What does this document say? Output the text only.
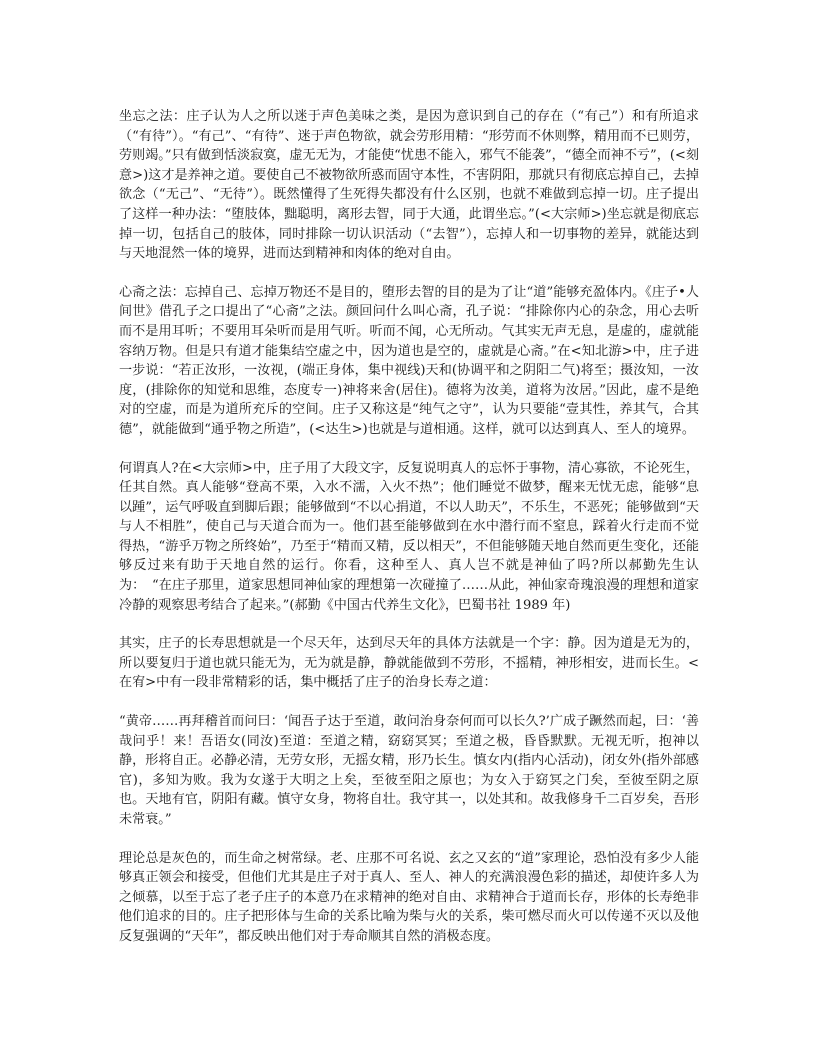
坐忘之法：庄子认为人之所以迷于声色美味之类，是因为意识到自己的存在（“有己”）和有所追求（“有待”）。“有己”、“有待”、迷于声色物欲，就会劳形用精：“形劳而不休则弊，精用而不已则劳，劳则竭。”只有做到恬淡寂寞，虚无无为，才能使“忧患不能入，邪气不能袭”，“德全而神不亏”，(<刻意>)这才是养神之道。要使自己不被物欲所惑而固守本性，不害阴阳，那就只有彻底忘掉自己，去掉欲念（“无己”、“无待”）。既然懂得了生死得失都没有什么区别，也就不难做到忘掉一切。庄子提出了这样一种办法：“堕肢体，黜聪明，离形去智，同于大通，此谓坐忘。”(<大宗师>)坐忘就是彻底忘掉一切，包括自己的肢体，同时排除一切认识活动（“去智”），忘掉人和一切事物的差异，就能达到与天地混然一体的境界，进而达到精神和肉体的绝对自由。

心斋之法：忘掉自己、忘掉万物还不是目的，堕形去智的目的是为了让“道”能够充盈体内。《庄子•人间世》借孔子之口提出了“心斋”之法。颜回问什么叫心斋，孔子说：“排除你内心的杂念，用心去听而不是用耳听；不要用耳朵听而是用气听。听而不闻，心无所动。气其实无声无息，是虚的，虚就能容纳万物。但是只有道才能集结空虚之中，因为道也是空的，虚就是心斋。”在<知北游>中，庄子进一步说：“若正汝形，一汝视，(端正身体，集中视线)天和(协调平和之阴阳二气)将至；摄汝知，一汝度，(排除你的知觉和思维，态度专一)神将来舍(居住)。德将为汝美，道将为汝居。”因此，虚不是绝对的空虚，而是为道所充斥的空间。庄子又称这是“纯气之守”，认为只要能“壹其性，养其气，合其德”，就能做到“通乎物之所造”，(<达生>)也就是与道相通。这样，就可以达到真人、至人的境界。

何谓真人?在<大宗师>中，庄子用了大段文字，反复说明真人的忘怀于事物，清心寡欲，不论死生，任其自然。真人能够“登高不栗，入水不濡，入火不热”；他们睡觉不做梦，醒来无忧无虑，能够“息以踵”，运气呼吸直到脚后跟；能够做到“不以心捐道，不以人助天”，不乐生，不恶死；能够做到“天与人不相胜”，使自己与天道合而为一。他们甚至能够做到在水中潜行而不窒息，踩着火行走而不觉得热，“游乎万物之所终始”，乃至于“精而又精，反以相天”，不但能够随天地自然而更生变化，还能够反过来有助于天地自然的运行。你看，这种至人、真人岂不就是神仙了吗?所以郝勤先生认为：　“在庄子那里，道家思想同神仙家的理想第一次碰撞了……从此，神仙家奇瑰浪漫的理想和道家冷静的观察思考结合了起来。”(郝勤《中国古代养生文化》，巴蜀书社 1989 年)

其实，庄子的长寿思想就是一个尽天年，达到尽天年的具体方法就是一个字：静。因为道是无为的，所以要复归于道也就只能无为，无为就是静，静就能做到不劳形，不摇精，神形相安，进而长生。<在宥>中有一段非常精彩的话，集中概括了庄子的治身长寿之道：

“黄帝……再拜稽首而问曰：‘闻吾子达于至道，敢问治身奈何而可以长久?’广成子蹶然而起，曰：‘善哉问乎！来！吾语女(同汝)至道：至道之精，窈窈冥冥；至道之极，昏昏默默。无视无听，抱神以静，形将自正。必静必清，无劳女形，无摇女精，形乃长生。慎女内(指内心活动)，闭女外(指外部感官)，多知为败。我为女遂于大明之上矣，至彼至阳之原也；为女入于窈冥之门矣，至彼至阴之原也。天地有官，阴阳有藏。慎守女身，物将自壮。我守其一，以处其和。故我修身千二百岁矣，吾形未常衰。”

理论总是灰色的，而生命之树常绿。老、庄那不可名说、玄之又玄的“道”家理论，恐怕没有多少人能够真正领会和接受，但他们尤其是庄子对于真人、至人、神人的充满浪漫色彩的描述，却使许多人为之倾慕，以至于忘了老子庄子的本意乃在求精神的绝对自由、求精神合于道而长存，形体的长寿绝非他们追求的目的。庄子把形体与生命的关系比喻为柴与火的关系，柴可燃尽而火可以传递不灭以及他反复强调的“天年”，都反映出他们对于寿命顺其自然的消极态度。
